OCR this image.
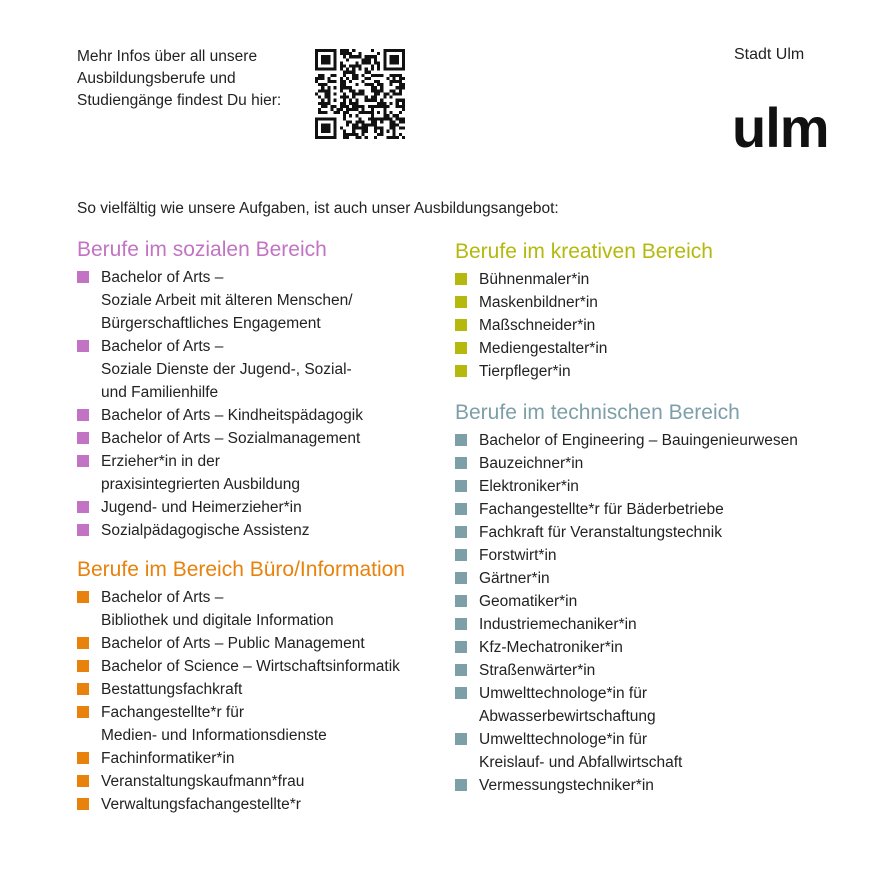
Mehr Infos über all unsere
Ausbildungsberufe und
Studiengänge findest Du hier:
Stadt Ulm
ulm
So vielfältig wie unsere Aufgaben, ist auch unser Ausbildungsangebot:
Berufe im sozialen Bereich
Bachelor of Arts –
Soziale Arbeit mit älteren Menschen/
Bürgerschaftliches Engagement
Bachelor of Arts –
Soziale Dienste der Jugend-, Sozial-
und Familienhilfe
Bachelor of Arts – Kindheitspädagogik
Bachelor of Arts – Sozialmanagement
Erzieher*in in der
praxisintegrierten Ausbildung
Jugend- und Heimerzieher*in
Sozialpädagogische Assistenz
Berufe im Bereich Büro/Information
Bachelor of Arts –
Bibliothek und digitale Information
Bachelor of Arts – Public Management
Bachelor of Science – Wirtschaftsinformatik
Bestattungsfachkraft
Fachangestellte*r für
Medien- und Informationsdienste
Fachinformatiker*in
Veranstaltungskaufmann*frau
Verwaltungsfachangestellte*r
Berufe im kreativen Bereich
Bühnenmaler*in
Maskenbildner*in
Maßschneider*in
Mediengestalter*in
Tierpfleger*in
Berufe im technischen Bereich
Bachelor of Engineering – Bauingenieurwesen
Bauzeichner*in
Elektroniker*in
Fachangestellte*r für Bäderbetriebe
Fachkraft für Veranstaltungstechnik
Forstwirt*in
Gärtner*in
Geomatiker*in
Industriemechaniker*in
Kfz-Mechatroniker*in
Straßenwärter*in
Umwelttechnologe*in für
Abwasserbewirtschaftung
Umwelttechnologe*in für
Kreislauf- und Abfallwirtschaft
Vermessungstechniker*in
